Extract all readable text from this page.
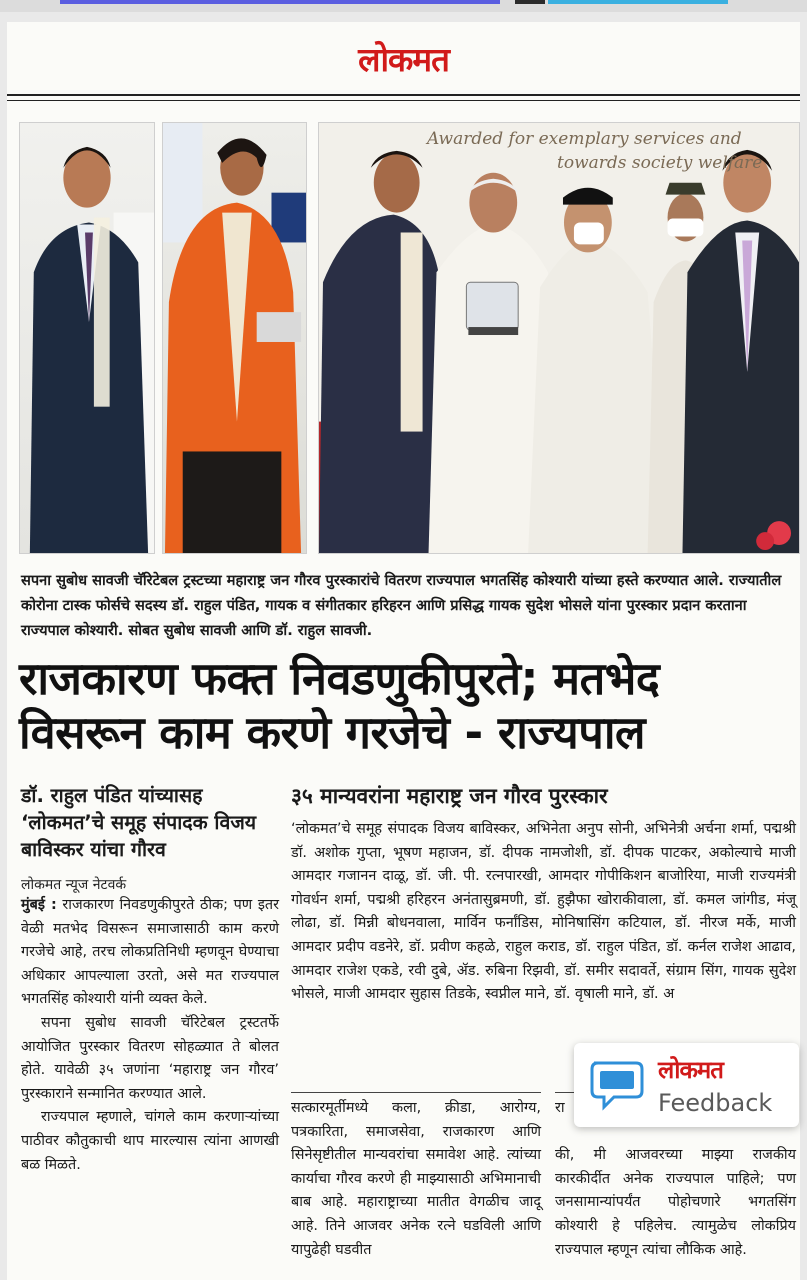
लोकमत
Awarded for exemplary services and
towards society welfare
सपना सुबोध सावजी चॅरिटेबल ट्रस्टच्या महाराष्ट्र जन गौरव पुरस्कारांचे वितरण राज्यपाल भगतसिंह कोश्यारी यांच्या हस्ते करण्यात आले. राज्यातील कोरोना टास्क फोर्सचे सदस्य डॉ. राहुल पंडित, गायक व संगीतकार हरिहरन आणि प्रसिद्ध गायक सुदेश भोसले यांना पुरस्कार प्रदान करताना राज्यपाल कोश्यारी. सोबत सुबोध सावजी आणि डॉ. राहुल सावजी.
राजकारण फक्त निवडणुकीपुरते; मतभेद
विसरून काम करणे गरजेचे - राज्यपाल
डॉ. राहुल पंडित यांच्यासह ‘लोकमत’चे समूह संपादक विजय बाविस्कर यांचा गौरव
लोकमत न्यूज नेटवर्क

मुंबई : राजकारण निवडणुकीपुरते ठीक; पण इतर वेळी मतभेद विसरून समाजासाठी काम करणे गरजेचे आहे, तरच लोकप्रतिनिधी म्हणवून घेण्याचा अधिकार आपल्याला उरतो, असे मत राज्यपाल भगतसिंह कोश्यारी यांनी व्यक्त केले.

सपना सुबोध सावजी चॅरिटेबल ट्रस्टतर्फे आयोजित पुरस्कार वितरण सोहळ्यात ते बोलत होते. यावेळी ३५ जणांना ‘महाराष्ट्र जन गौरव’ पुरस्काराने सन्मानित करण्यात आले.

राज्यपाल म्हणाले, चांगले काम करणाऱ्यांच्या पाठीवर कौतुकाची थाप मारल्यास त्यांना आणखी बळ मिळते.

३५ मान्यवरांना महाराष्ट्र जन गौरव पुरस्कार

‘लोकमत’चे समूह संपादक विजय बाविस्कर, अभिनेता अनुप सोनी, अभिनेत्री अर्चना शर्मा, पद्मश्री डॉ. अशोक गुप्ता, भूषण महाजन, डॉ. दीपक नामजोशी, डॉ. दीपक पाटकर, अकोल्याचे माजी आमदार गजानन दाळू, डॉ. जी. पी. रत्नपारखी, आमदार गोपीकिशन बाजोरिया, माजी राज्यमंत्री गोवर्धन शर्मा, पद्मश्री हरिहरन अनंतासुब्रमणी, डॉ. हुझैफा खोराकीवाला, डॉ. कमल जांगीड, मंजू लोढा, डॉ. मिन्नी बोधनवाला, मार्विन फर्नांडिस, मोनिषासिंग कटियाल, डॉ. नीरज मर्के, माजी आमदार प्रदीप वडनेरे, डॉ. प्रवीण कहळे, राहुल कराड, डॉ. राहुल पंडित, डॉ. कर्नल राजेश आढाव, आमदार राजेश एकडे, रवी दुबे, ॲड. रुबिना रिझवी, डॉ. समीर सदावर्ते, संग्राम सिंग, गायक सुदेश भोसले, माजी आमदार सुहास तिडके, स्वप्नील माने, डॉ. वृषाली माने, डॉ. अ

सत्कारमूर्तीमध्ये कला, क्रीडा, आरोग्य, पत्रकारिता, समाजसेवा, राजकारण आणि सिनेसृष्टीतील मान्यवरांचा समावेश आहे. त्यांच्या कार्याचा गौरव करणे ही माझ्यासाठी अभिमानाची बाब आहे. महाराष्ट्राच्या मातीत वेगळीच जादू आहे. तिने आजवर अनेक रत्ने घडविली आणि यापुढेही घडवीत

रा

की, मी आजवरच्या माझ्या राजकीय कारकीर्दीत अनेक राज्यपाल पाहिले; पण जनसामान्यांपर्यंत पोहोचणारे भगतसिंग कोश्यारी हे पहिलेच. त्यामुळेच लोकप्रिय राज्यपाल म्हणून त्यांचा लौकिक आहे.

लोकमत
Feedback
